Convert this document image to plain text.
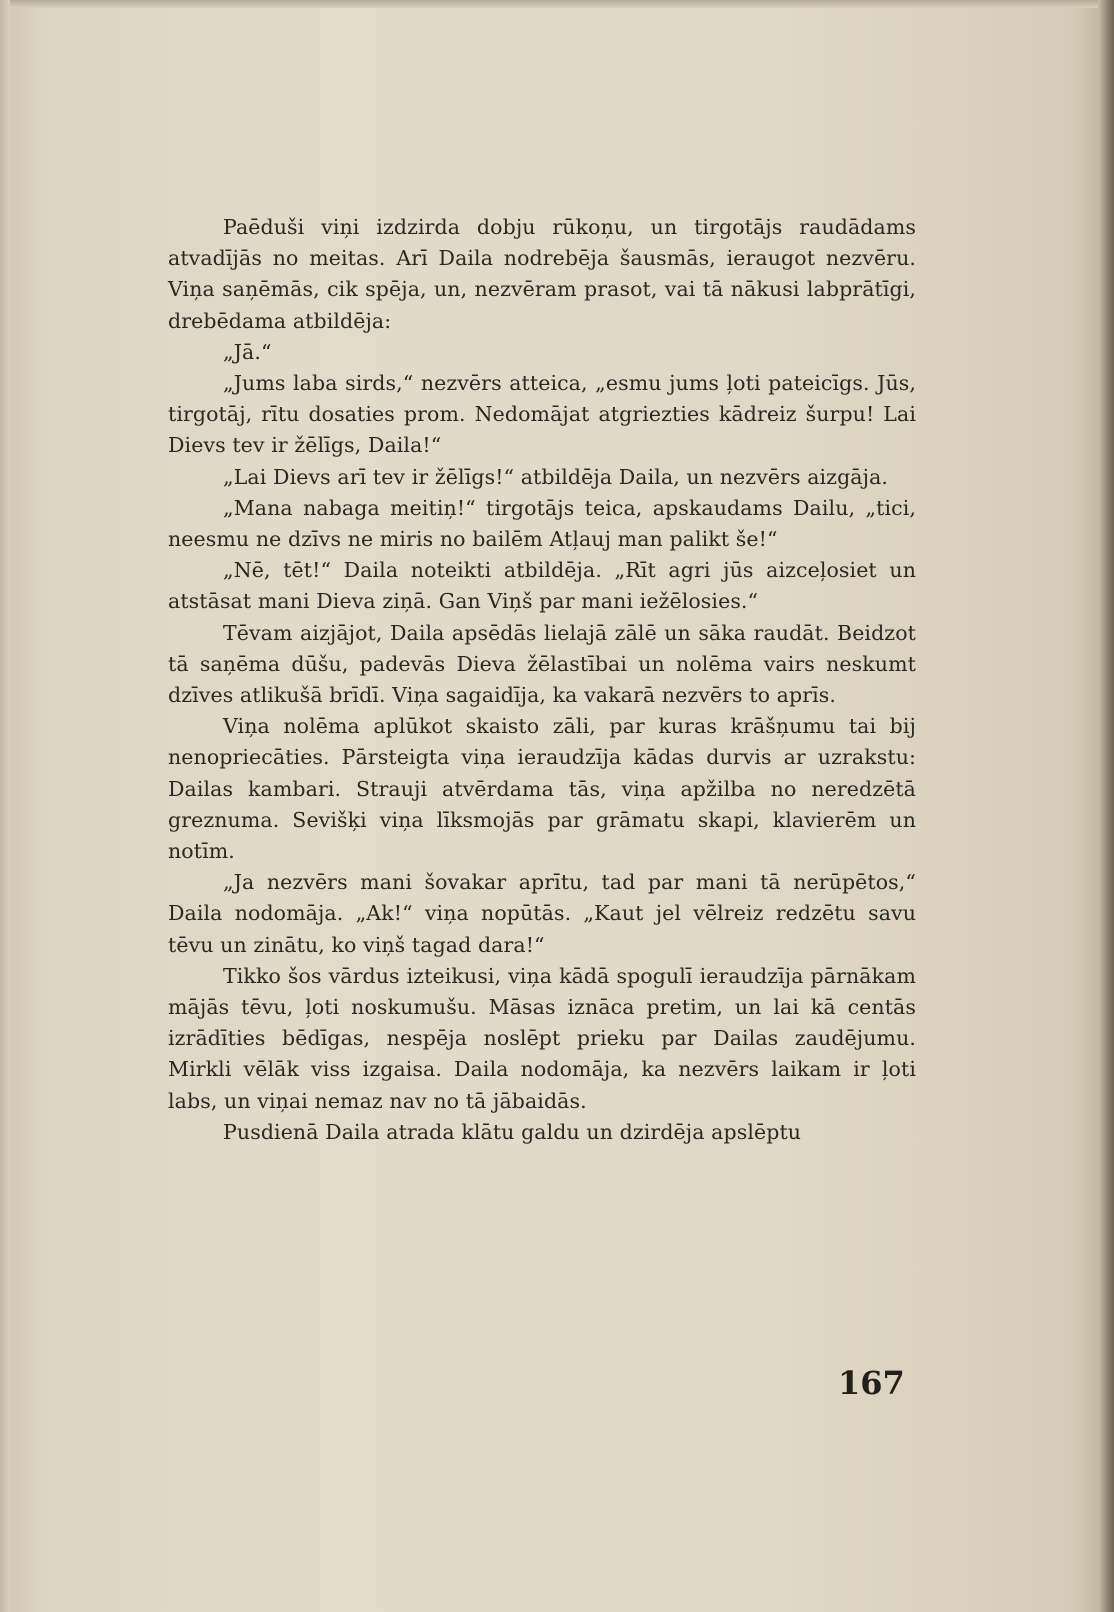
Paēduši viņi izdzirda dobju rūkoņu, un tirgotājs raudādams atvadījās no meitas. Arī Daila nodrebēja šausmās, ieraugot nezvēru. Viņa saņēmās, cik spēja, un, nezvēram prasot, vai tā nākusi labprātīgi, drebēdama atbildēja:

„Jā.“

„Jums laba sirds,“ nezvērs atteica, „esmu jums ļoti pateicīgs. Jūs, tirgotāj, rītu dosaties prom. Nedomājat atgriezties kādreiz šurpu! Lai Dievs tev ir žēlīgs, Daila!“

„Lai Dievs arī tev ir žēlīgs!“ atbildēja Daila, un nezvērs aizgāja.

„Mana nabaga meitiņ!“ tirgotājs teica, apskaudams Dailu, „tici, neesmu ne dzīvs ne miris no bailēm Atļauj man palikt še!“

„Nē, tēt!“ Daila noteikti atbildēja. „Rīt agri jūs aizceļosiet un atstāsat mani Dieva ziņā. Gan Viņš par mani iežēlosies.“

Tēvam aizjājot, Daila apsēdās lielajā zālē un sāka raudāt. Beidzot tā saņēma dūšu, padevās Dieva žēlastībai un nolēma vairs neskumt dzīves atlikušā brīdī. Viņa sagaidīja, ka vakarā nezvērs to aprīs.

Viņa nolēma aplūkot skaisto zāli, par kuras krāšņumu tai bij nenopriecāties. Pārsteigta viņa ieraudzīja kādas durvis ar uzrakstu: Dailas kambari. Strauji atvērdama tās, viņa apžilba no neredzētā greznuma. Sevišķi viņa līksmojās par grāmatu skapi, klavierēm un notīm.

„Ja nezvērs mani šovakar aprītu, tad par mani tā nerūpētos,“ Daila nodomāja. „Ak!“ viņa nopūtās. „Kaut jel vēlreiz redzētu savu tēvu un zinātu, ko viņš tagad dara!“

Tikko šos vārdus izteikusi, viņa kādā spogulī ieraudzīja pārnākam mājās tēvu, ļoti noskumušu. Māsas iznāca pretim, un lai kā centās izrādīties bēdīgas, nespēja noslēpt prieku par Dailas zaudējumu. Mirkli vēlāk viss izgaisa. Daila nodomāja, ka nezvērs laikam ir ļoti labs, un viņai nemaz nav no tā jābaidās.

Pusdienā Daila atrada klātu galdu un dzirdēja apslēptu

167
